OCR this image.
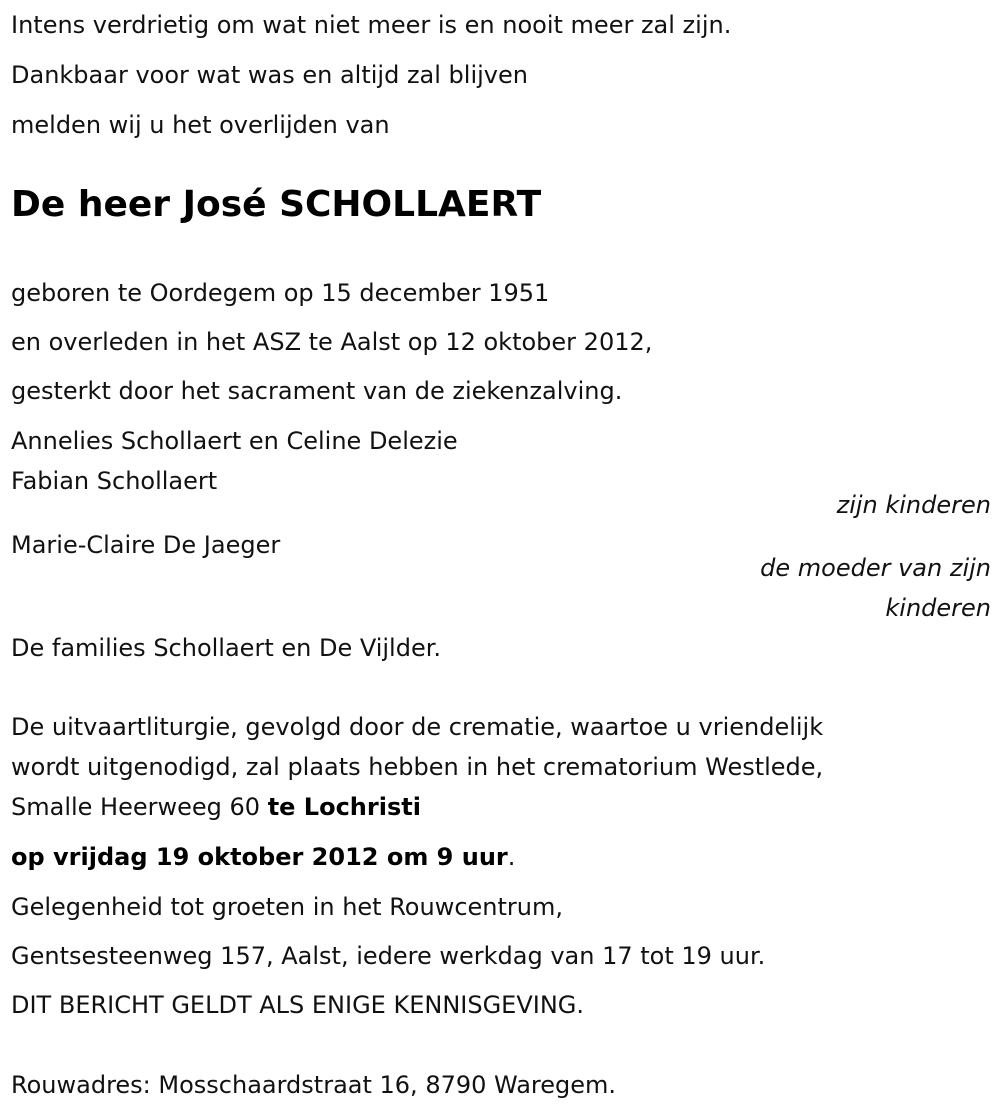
Intens verdrietig om wat niet meer is en nooit meer zal zijn.

Dankbaar voor wat was en altijd zal blijven

melden wij u het overlijden van

De heer José SCHOLLAERT

geboren te Oordegem op 15 december 1951

en overleden in het ASZ te Aalst op 12 oktober 2012,

gesterkt door het sacrament van de ziekenzalving.

Annelies Schollaert en Celine Delezie

Fabian Schollaert

zijn kinderen

Marie-Claire De Jaeger

de moeder van zijn
kinderen

De families Schollaert en De Vijlder.

De uitvaartliturgie, gevolgd door de crematie, waartoe u vriendelijk

wordt uitgenodigd, zal plaats hebben in het crematorium Westlede,

Smalle Heerweeg 60 te Lochristi

op vrijdag 19 oktober 2012 om 9 uur.

Gelegenheid tot groeten in het Rouwcentrum,

Gentsesteenweg 157, Aalst, iedere werkdag van 17 tot 19 uur.

DIT BERICHT GELDT ALS ENIGE KENNISGEVING.

Rouwadres: Mosschaardstraat 16, 8790 Waregem.
